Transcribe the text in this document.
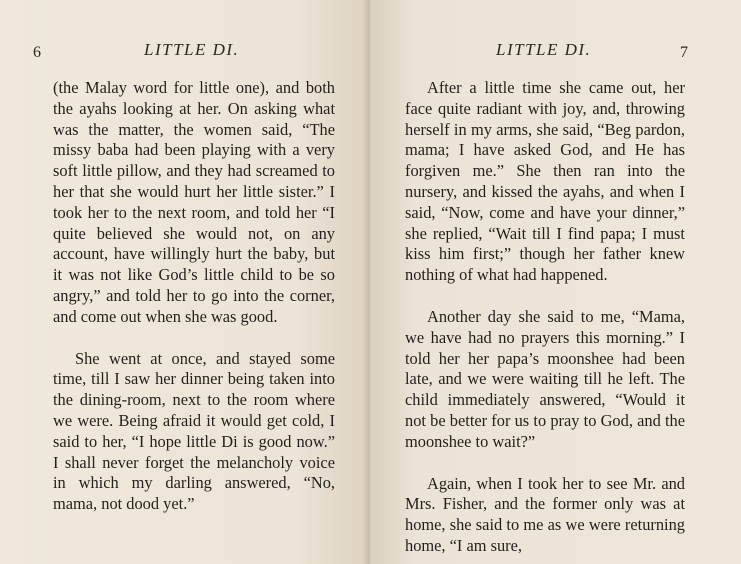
6	LITTLE DI.

(the Malay word for little one), and both the ayahs looking at her. On asking what was the matter, the women said, “The missy baba had been playing with a very soft little pillow, and they had screamed to her that she would hurt her little sister.” I took her to the next room, and told her “I quite believed she would not, on any account, have willingly hurt the baby, but it was not like God’s little child to be so angry,” and told her to go into the corner, and come out when she was good.

She went at once, and stayed some time, till I saw her dinner being taken into the dining-room, next to the room where we were. Being afraid it would get cold, I said to her, “I hope little Di is good now.” I shall never forget the melancholy voice in which my darling answered, “No, mama, not dood yet.”

LITTLE DI.	7

After a little time she came out, her face quite radiant with joy, and, throwing herself in my arms, she said, “Beg pardon, mama; I have asked God, and He has forgiven me.” She then ran into the nursery, and kissed the ayahs, and when I said, “Now, come and have your dinner,” she replied, “Wait till I find papa; I must kiss him first;” though her father knew nothing of what had happened.

Another day she said to me, “Mama, we have had no prayers this morning.” I told her her papa’s moonshee had been late, and we were waiting till he left. The child immediately answered, “Would it not be better for us to pray to God, and the moonshee to wait?”

Again, when I took her to see Mr. and Mrs. Fisher, and the former only was at home, she said to me as we were returning home, “I am sure,
